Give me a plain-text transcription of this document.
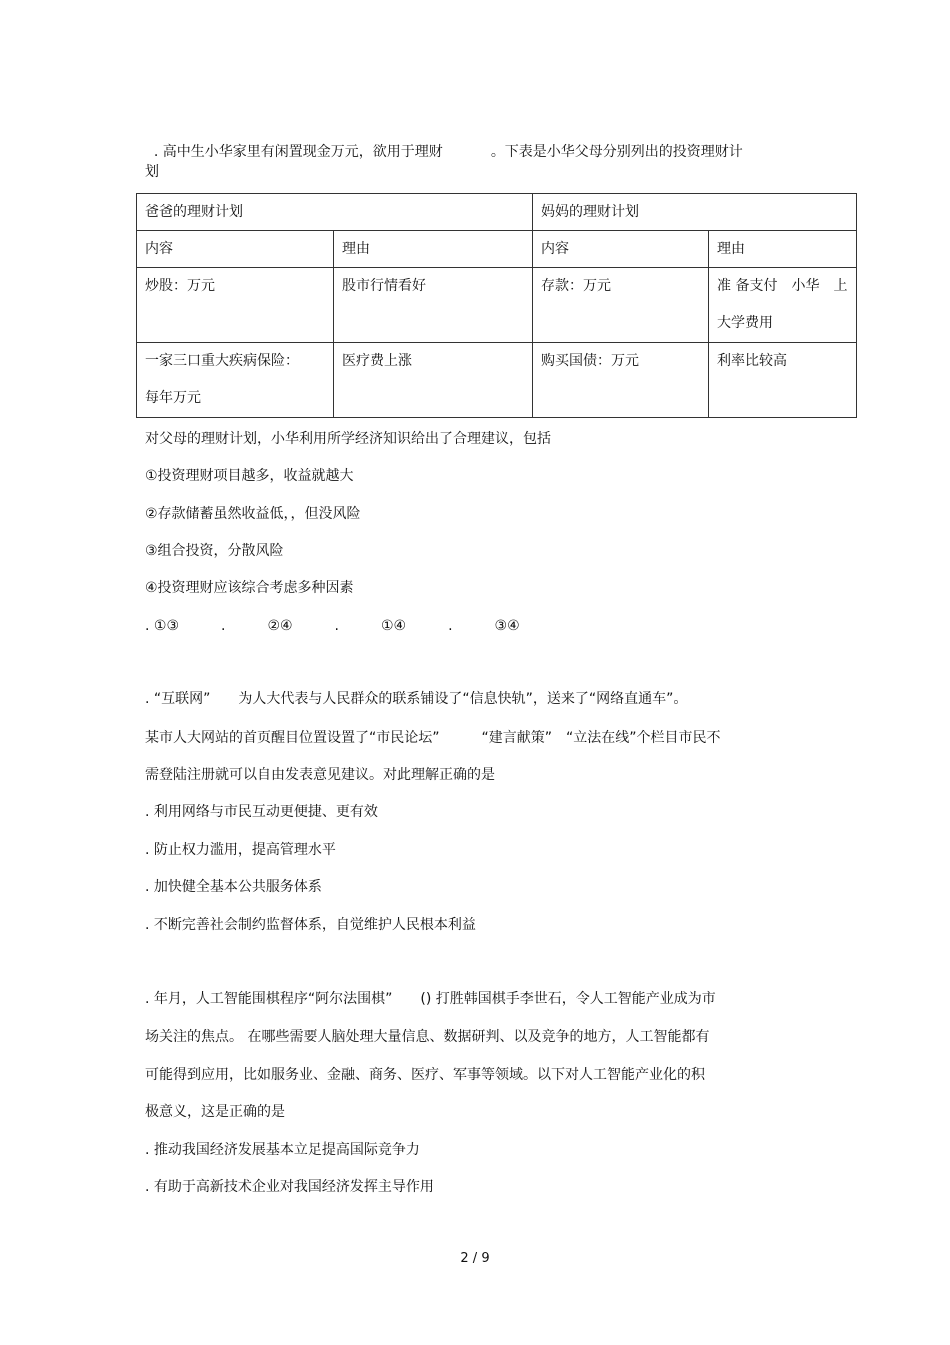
. 高中生小华家里有闲置现金万元，欲用于理财	。下表是小华父母分别列出的投资理财计

划
爸爸的理财计划		妈妈的理财计划	
内容	理由	内容	理由

炒股：万元	股市行情看好	存款：万元	准 备支付　小华　上
大学费用

一家三口重大疾病保险：
每年万元	医疗费上涨	购买国债：万元	利率比较高
对父母的理财计划，小华利用所学经济知识给出了合理建议，包括
①投资理财项目越多，收益就越大
②存款储蓄虽然收益低，，但没风险
③组合投资，分散风险
④投资理财应该综合考虑多种因素
. ①③　　　.　　　②④　　　.　　　①④　　　.　　　③④
. “互联网”　　为人大代表与人民群众的联系铺设了“信息快轨”，送来了“网络直通车”。
某市人大网站的首页醒目位置设置了“市民论坛”　　　“建言献策”　“立法在线”个栏目市民不
需登陆注册就可以自由发表意见建议。对此理解正确的是
. 利用网络与市民互动更便捷、更有效
. 防止权力滥用，提高管理水平
. 加快健全基本公共服务体系
. 不断完善社会制约监督体系，自觉维护人民根本利益
. 年月，人工智能围棋程序“阿尔法围棋”　　() 打胜韩国棋手李世石，令人工智能产业成为市
场关注的焦点。 在哪些需要人脑处理大量信息、数据研判、以及竞争的地方，人工智能都有
可能得到应用，比如服务业、金融、商务、医疗、军事等领域。以下对人工智能产业化的积
极意义，这是正确的是
. 推动我国经济发展基本立足提高国际竞争力
. 有助于高新技术企业对我国经济发挥主导作用
2 / 9
